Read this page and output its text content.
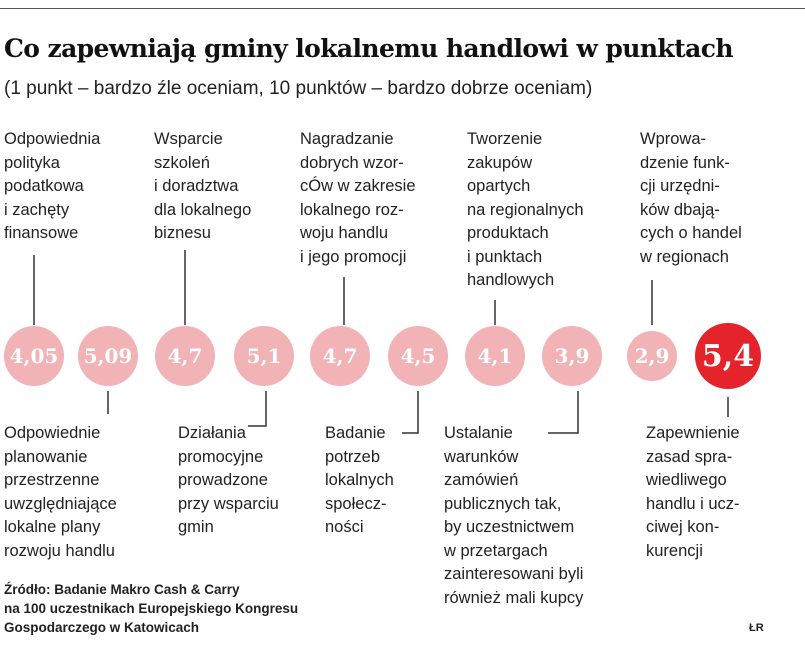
Co zapewniają gminy lokalnemu handlowi w punktach
(1 punkt – bardzo źle oceniam, 10 punktów – bardzo dobrze oceniam)
Odpowiednia
polityka
podatkowa
i zachęty
finansowe
Wsparcie
szkoleń
i doradztwa
dla lokalnego
biznesu
Nagradzanie
dobrych wzor-
cÓw w zakresie
lokalnego roz-
woju handlu
i jego promocji
Tworzenie
zakupów
opartych
na regionalnych
produktach
i punktach
handlowych
Wprowa-
dzenie funk-
cji urzędni-
ków dbają-
cych o handel
w regionach
4,05 5,09 4,7 5,1 4,7 4,5 4,1 3,9 2,9 5,4
Odpowiednie
planowanie
przestrzenne
uwzględniające
lokalne plany
rozwoju handlu
Działania
promocyjne
prowadzone
przy wsparciu
gmin
Badanie
potrzeb
lokalnych
społecz-
ności
Ustalanie
warunków
zamówień
publicznych tak,
by uczestnictwem
w przetargach
zainteresowani byli
również mali kupcy
Zapewnienie
zasad spra-
wiedliwego
handlu i ucz-
ciwej kon-
kurencji
Źródło: Badanie Makro Cash & Carry
na 100 uczestnikach Europejskiego Kongresu
Gospodarczego w Katowicach	ŁR
